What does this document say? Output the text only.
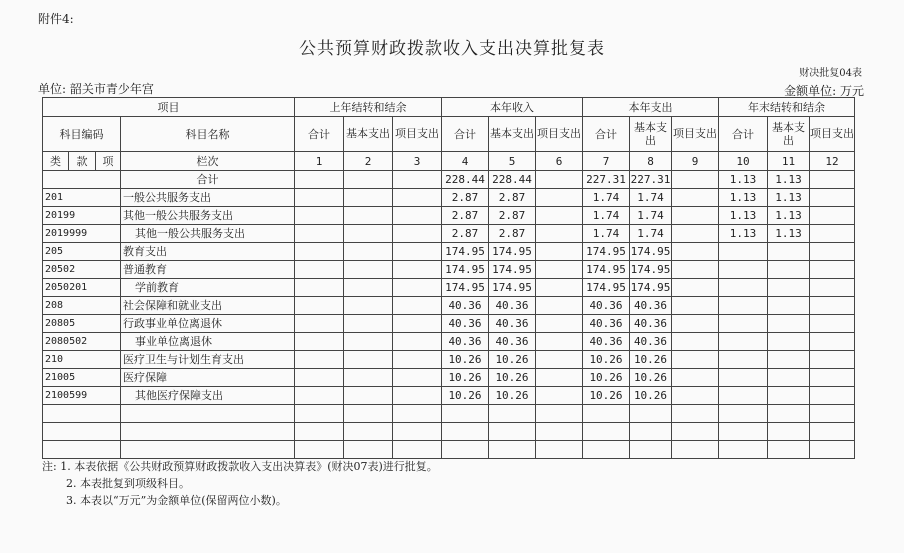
附件4:
公共预算财政拨款收入支出决算批复表
财决批复04表
单位: 韶关市青少年宫	金额单位: 万元
项目				上年结转和结余			本年收入			本年支出			年末结转和结余		
科目编码			科目名称	合计	基本支出	项目支出	合计	基本支出	项目支出	合计	基本支出	项目支出	合计	基本支出	项目支出
类	款	项	栏次	1	2	3	4	5	6	7	8	9	10	11	12
			合计				228.44	228.44		227.31	227.31		1.13	1.13	
201			一般公共服务支出				2.87	2.87		1.74	1.74		1.13	1.13	
20199			其他一般公共服务支出				2.87	2.87		1.74	1.74		1.13	1.13	
2019999			其他一般公共服务支出				2.87	2.87		1.74	1.74		1.13	1.13	
205			教育支出				174.95	174.95		174.95	174.95				
20502			普通教育				174.95	174.95		174.95	174.95				
2050201			学前教育				174.95	174.95		174.95	174.95				
208			社会保障和就业支出				40.36	40.36		40.36	40.36				
20805			行政事业单位离退休				40.36	40.36		40.36	40.36				
2080502			事业单位离退休				40.36	40.36		40.36	40.36				
210			医疗卫生与计划生育支出				10.26	10.26		10.26	10.26				
21005			医疗保障				10.26	10.26		10.26	10.26				
2100599			其他医疗保障支出				10.26	10.26		10.26	10.26				

注: 1. 本表依据《公共财政预算财政拨款收入支出决算表》(财决07表)进行批复。
2. 本表批复到项级科目。
3. 本表以“万元”为金额单位(保留两位小数)。
